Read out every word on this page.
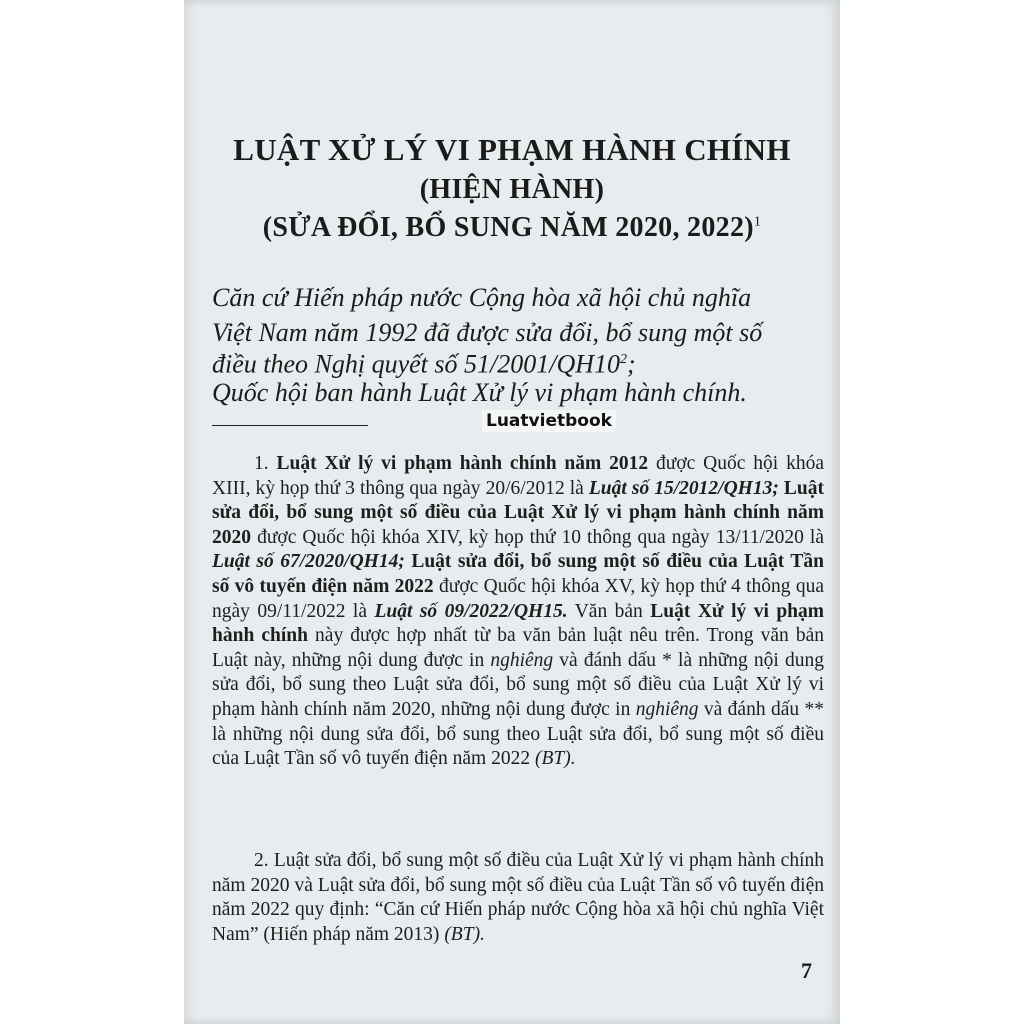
LUẬT XỬ LÝ VI PHẠM HÀNH CHÍNH
(HIỆN HÀNH)
(SỬA ĐỔI, BỔ SUNG NĂM 2020, 2022)$^1$
Căn cứ Hiến pháp nước Cộng hòa xã hội chủ nghĩa
Việt Nam năm 1992 đã được sửa đổi, bổ sung một số
điều theo Nghị quyết số $51/2001/QH10^2$;
Quốc hội ban hành Luật Xử lý vi phạm hành chính.
Luatvietbook
1. Luật Xử lý vi phạm hành chính năm 2012 được Quốc hội khóa XIII, kỳ họp thứ 3 thông qua ngày 20/6/2012 là Luật số 15/2012/QH13; Luật sửa đổi, bổ sung một số điều của Luật Xử lý vi phạm hành chính năm 2020 được Quốc hội khóa XIV, kỳ họp thứ 10 thông qua ngày 13/11/2020 là Luật số 67/2020/QH14; Luật sửa đổi, bổ sung một số điều của Luật Tần số vô tuyến điện năm 2022 được Quốc hội khóa XV, kỳ họp thứ 4 thông qua ngày 09/11/2022 là Luật số 09/2022/QH15. Văn bản Luật Xử lý vi phạm hành chính này được hợp nhất từ ba văn bản luật nêu trên. Trong văn bản Luật này, những nội dung được in nghiêng và đánh dấu * là những nội dung sửa đổi, bổ sung theo Luật sửa đổi, bổ sung một số điều của Luật Xử lý vi phạm hành chính năm 2020, những nội dung được in nghiêng và đánh dấu ** là những nội dung sửa đổi, bổ sung theo Luật sửa đổi, bổ sung một số điều của Luật Tần số vô tuyến điện năm 2022 (BT).
2. Luật sửa đổi, bổ sung một số điều của Luật Xử lý vi phạm hành chính năm 2020 và Luật sửa đổi, bổ sung một số điều của Luật Tần số vô tuyến điện năm 2022 quy định: “Căn cứ Hiến pháp nước Cộng hòa xã hội chủ nghĩa Việt Nam” (Hiến pháp năm 2013) (BT).
7
